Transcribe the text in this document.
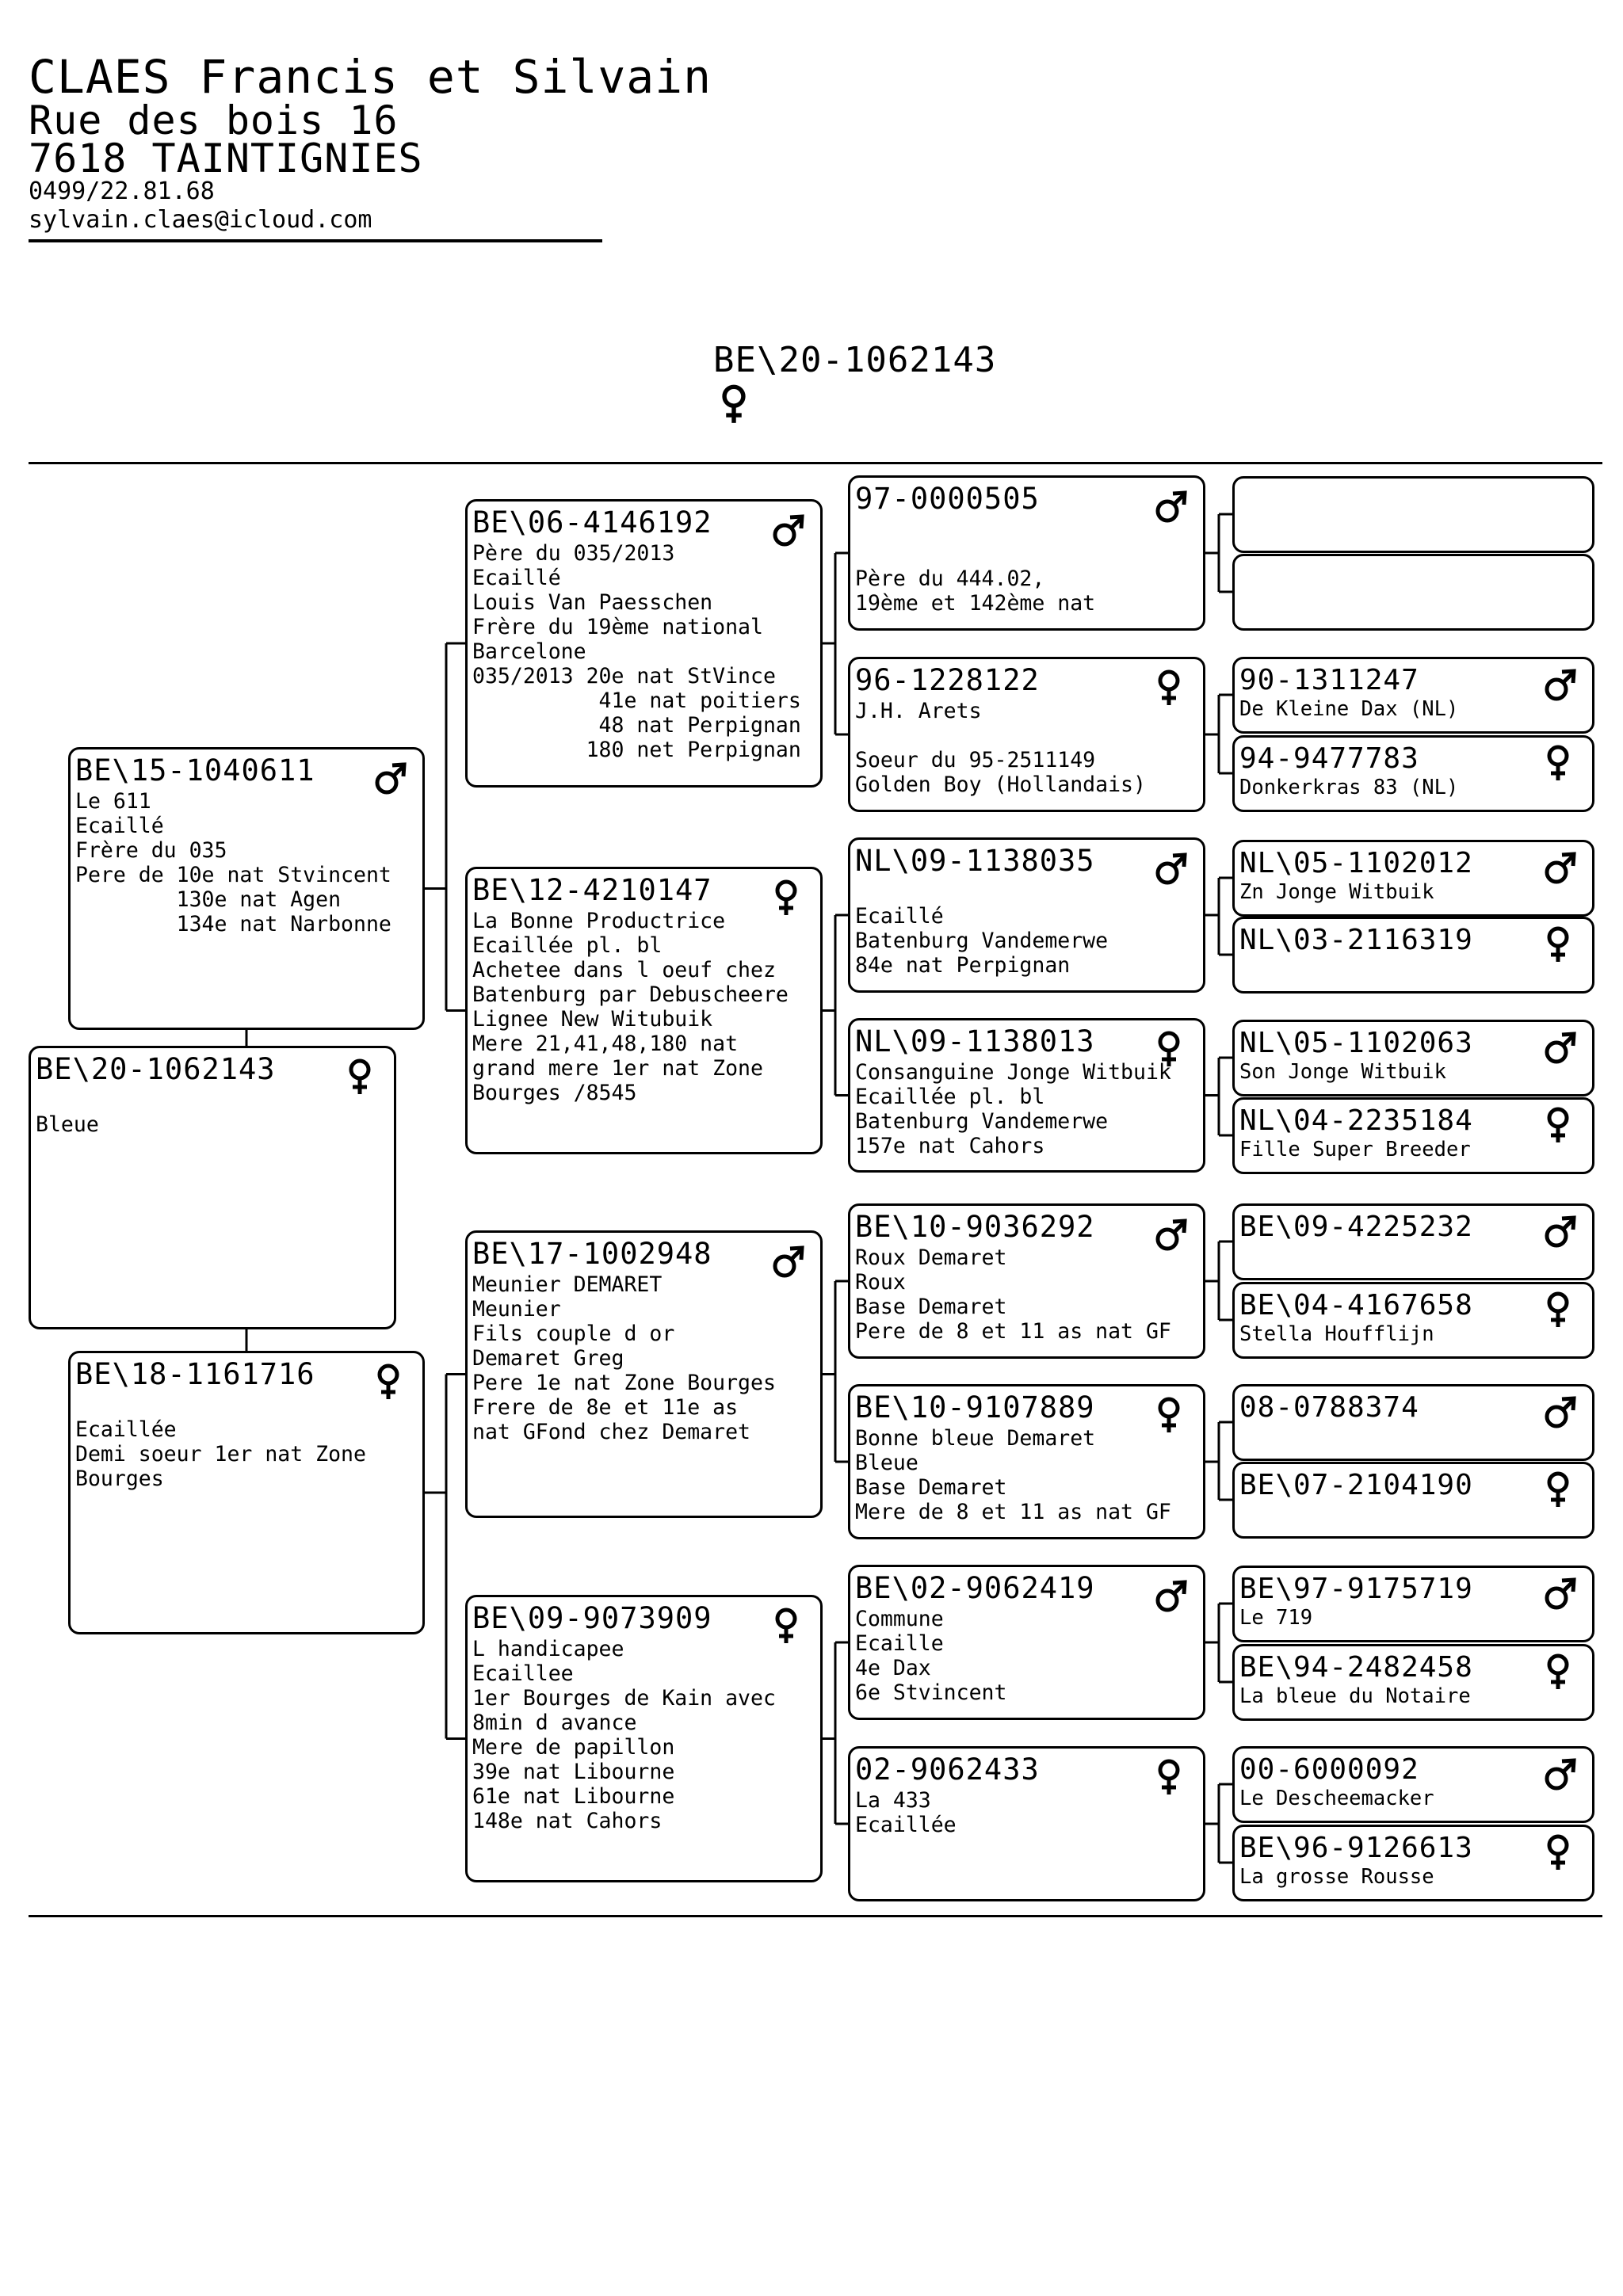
CLAES Francis et Silvain
Rue des bois 16
7618 TAINTIGNIES
0499/22.81.68
sylvain.claes@icloud.com
BE\20-1062143
BE\20-1062143

Bleue
BE\15-1040611
Le 611
Ecaillé
Frère du 035
Pere de 10e nat Stvincent
130e nat Agen
134e nat Narbonne
BE\18-1161716

Ecaillée
Demi soeur 1er nat Zone
Bourges
BE\06-4146192
Père du 035/2013
Ecaillé
Louis Van Paesschen
Frère du 19ème national
Barcelone
035/2013 20e nat StVince
41e nat poitiers
48 nat Perpignan
180 net Perpignan
BE\12-4210147
La Bonne Productrice
Ecaillée pl. bl
Achetee dans l oeuf chez
Batenburg par Debuscheere
Lignee New Witubuik
Mere 21,41,48,180 nat
grand mere 1er nat Zone
Bourges /8545
BE\17-1002948
Meunier DEMARET
Meunier
Fils couple d or
Demaret Greg
Pere 1e nat Zone Bourges
Frere de 8e et 11e as
nat GFond chez Demaret
BE\09-9073909
L handicapee
Ecaillee
1er Bourges de Kain avec
8min d avance
Mere de papillon
39e nat Libourne
61e nat Libourne
148e nat Cahors
97-0000505

Père du 444.02,
19ème et 142ème nat
96-1228122
J.H. Arets

Soeur du 95-2511149
Golden Boy (Hollandais)
NL\09-1138035

Ecaillé
Batenburg Vandemerwe
84e nat Perpignan
NL\09-1138013
Consanguine Jonge Witbuik
Ecaillée pl. bl
Batenburg Vandemerwe
157e nat Cahors
BE\10-9036292
Roux Demaret
Roux
Base Demaret
Pere de 8 et 11 as nat GF
BE\10-9107889
Bonne bleue Demaret
Bleue
Base Demaret
Mere de 8 et 11 as nat GF
BE\02-9062419
Commune
Ecaille
4e Dax
6e Stvincent
02-9062433
La 433
Ecaillée
90-1311247
De Kleine Dax (NL)
94-9477783
Donkerkras 83 (NL)
NL\05-1102012
Zn Jonge Witbuik
NL\03-2116319
NL\05-1102063
Son Jonge Witbuik
NL\04-2235184
Fille Super Breeder
BE\09-4225232
BE\04-4167658
Stella Houfflijn
08-0788374
BE\07-2104190
BE\97-9175719
Le 719
BE\94-2482458
La bleue du Notaire
00-6000092
Le Descheemacker
BE\96-9126613
La grosse Rousse
